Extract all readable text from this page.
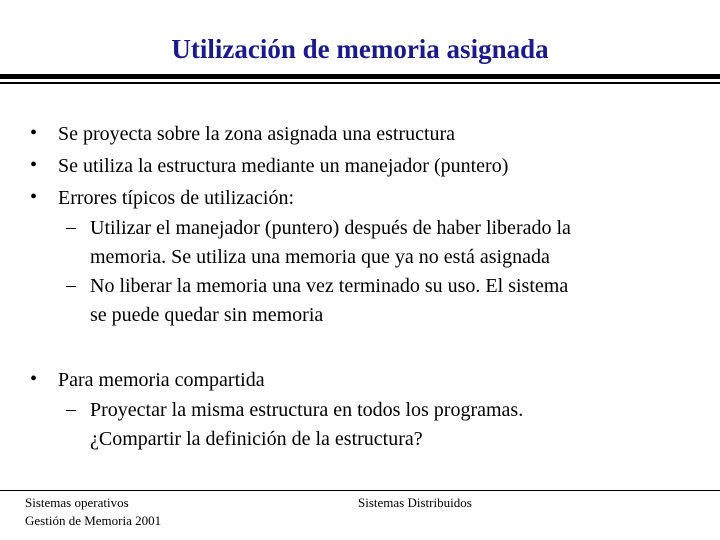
Utilización de memoria asignada
• Se proyecta sobre la zona asignada una estructura
• Se utiliza la estructura mediante un manejador (puntero)
• Errores típicos de utilización:
– Utilizar el manejador (puntero) después de haber liberado la
memoria. Se utiliza una memoria que ya no está asignada
– No liberar la memoria una vez terminado su uso. El sistema
se puede quedar sin memoria
• Para memoria compartida
– Proyectar la misma estructura en todos los programas.
¿Compartir la definición de la estructura?
Sistemas operativos
Gestión de Memoria 2001
Sistemas Distribuidos
